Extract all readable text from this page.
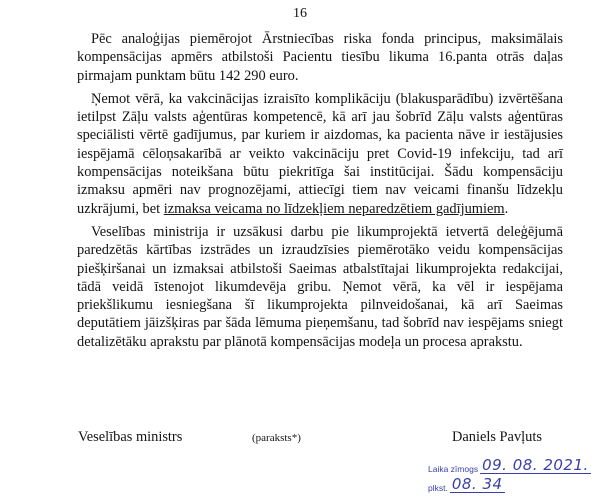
16

Pēc analoģijas piemērojot Ārstniecības riska fonda principus, maksimālais kompensācijas apmērs atbilstoši Pacientu tiesību likuma 16.panta otrās daļas pirmajam punktam būtu 142 290 euro.

Ņemot vērā, ka vakcinācijas izraisīto komplikāciju (blakusparādību) izvērtēšana ietilpst Zāļu valsts aģentūras kompetencē, kā arī jau šobrīd Zāļu valsts aģentūras speciālisti vērtē gadījumus, par kuriem ir aizdomas, ka pacienta nāve ir iestājusies iespējamā cēloņsakarībā ar veikto vakcināciju pret Covid-19 infekciju, tad arī kompensācijas noteikšana būtu piekritīga šai institūcijai. Šādu kompensāciju izmaksu apmēri nav prognozējami, attiecīgi tiem nav veicami finanšu līdzekļu uzkrājumi, bet izmaksa veicama no līdzekļiem neparedzētiem gadījumiem.

Veselības ministrija ir uzsākusi darbu pie likumprojektā ietvertā deleģējumā paredzētās kārtības izstrādes un izraudzīsies piemērotāko veidu kompensācijas piešķiršanai un izmaksai atbilstoši Saeimas atbalstītajai likumprojekta redakcijai, tādā veidā īstenojot likumdevēja gribu. Ņemot vērā, ka vēl ir iespējama priekšlikumu iesniegšana šī likumprojekta pilnveidošanai, kā arī Saeimas deputātiem jāizšķiras par šāda lēmuma pieņemšanu, tad šobrīd nav iespējams sniegt detalizētāku aprakstu par plānotā kompensācijas modeļa un procesa aprakstu.

Veselības ministrs	(paraksts*)	Daniels Pavļuts
Laika zīmogs 09. 08. 2021.
plkst. 08. 34
